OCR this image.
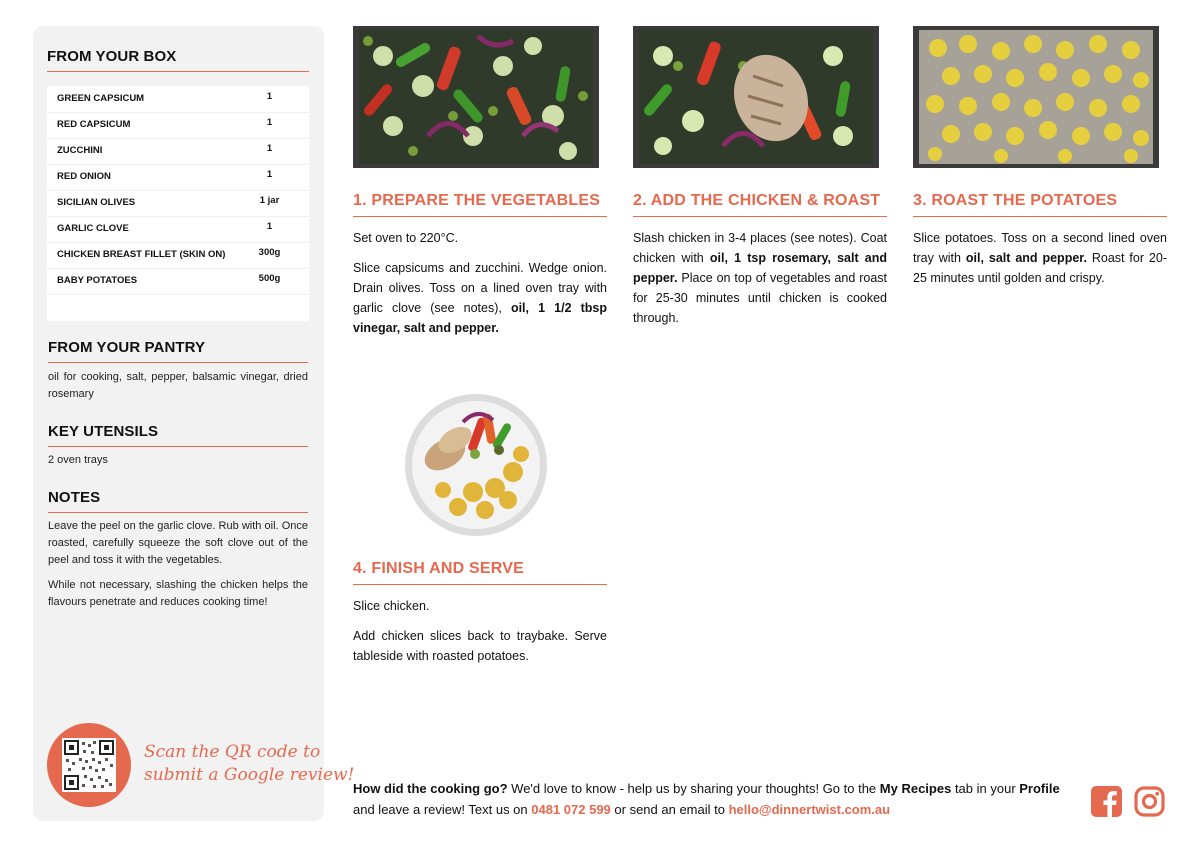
FROM YOUR BOX
GREEN CAPSICUM	1
RED CAPSICUM	1
ZUCCHINI	1
RED ONION	1
SICILIAN OLIVES	1 jar
GARLIC CLOVE	1
CHICKEN BREAST FILLET (SKIN ON)	300g
BABY POTATOES	500g
FROM YOUR PANTRY
oil for cooking, salt, pepper, balsamic vinegar, dried rosemary
KEY UTENSILS
2 oven trays
NOTES
Leave the peel on the garlic clove. Rub with oil. Once roasted, carefully squeeze the soft clove out of the peel and toss it with the vegetables.
While not necessary, slashing the chicken helps the flavours penetrate and reduces cooking time!
Scan the QR code to
submit a Google review!
1. PREPARE THE VEGETABLES

Set oven to 220°C.

Slice capsicums and zucchini. Wedge onion. Drain olives. Toss on a lined oven tray with garlic clove (see notes), oil, 1 1/2 tbsp vinegar, salt and pepper.

2. ADD THE CHICKEN & ROAST

Slash chicken in 3-4 places (see notes). Coat chicken with oil, 1 tsp rosemary, salt and pepper. Place on top of vegetables and roast for 25-30 minutes until chicken is cooked through.

3. ROAST THE POTATOES

Slice potatoes. Toss on a second lined oven tray with oil, salt and pepper. Roast for 20-25 minutes until golden and crispy.

4. FINISH AND SERVE

Slice chicken.

Add chicken slices back to traybake. Serve tableside with roasted potatoes.

How did the cooking go? We'd love to know - help us by sharing your thoughts! Go to the My Recipes tab in your Profile and leave a review! Text us on 0481 072 599 or send an email to hello@dinnertwist.com.au
